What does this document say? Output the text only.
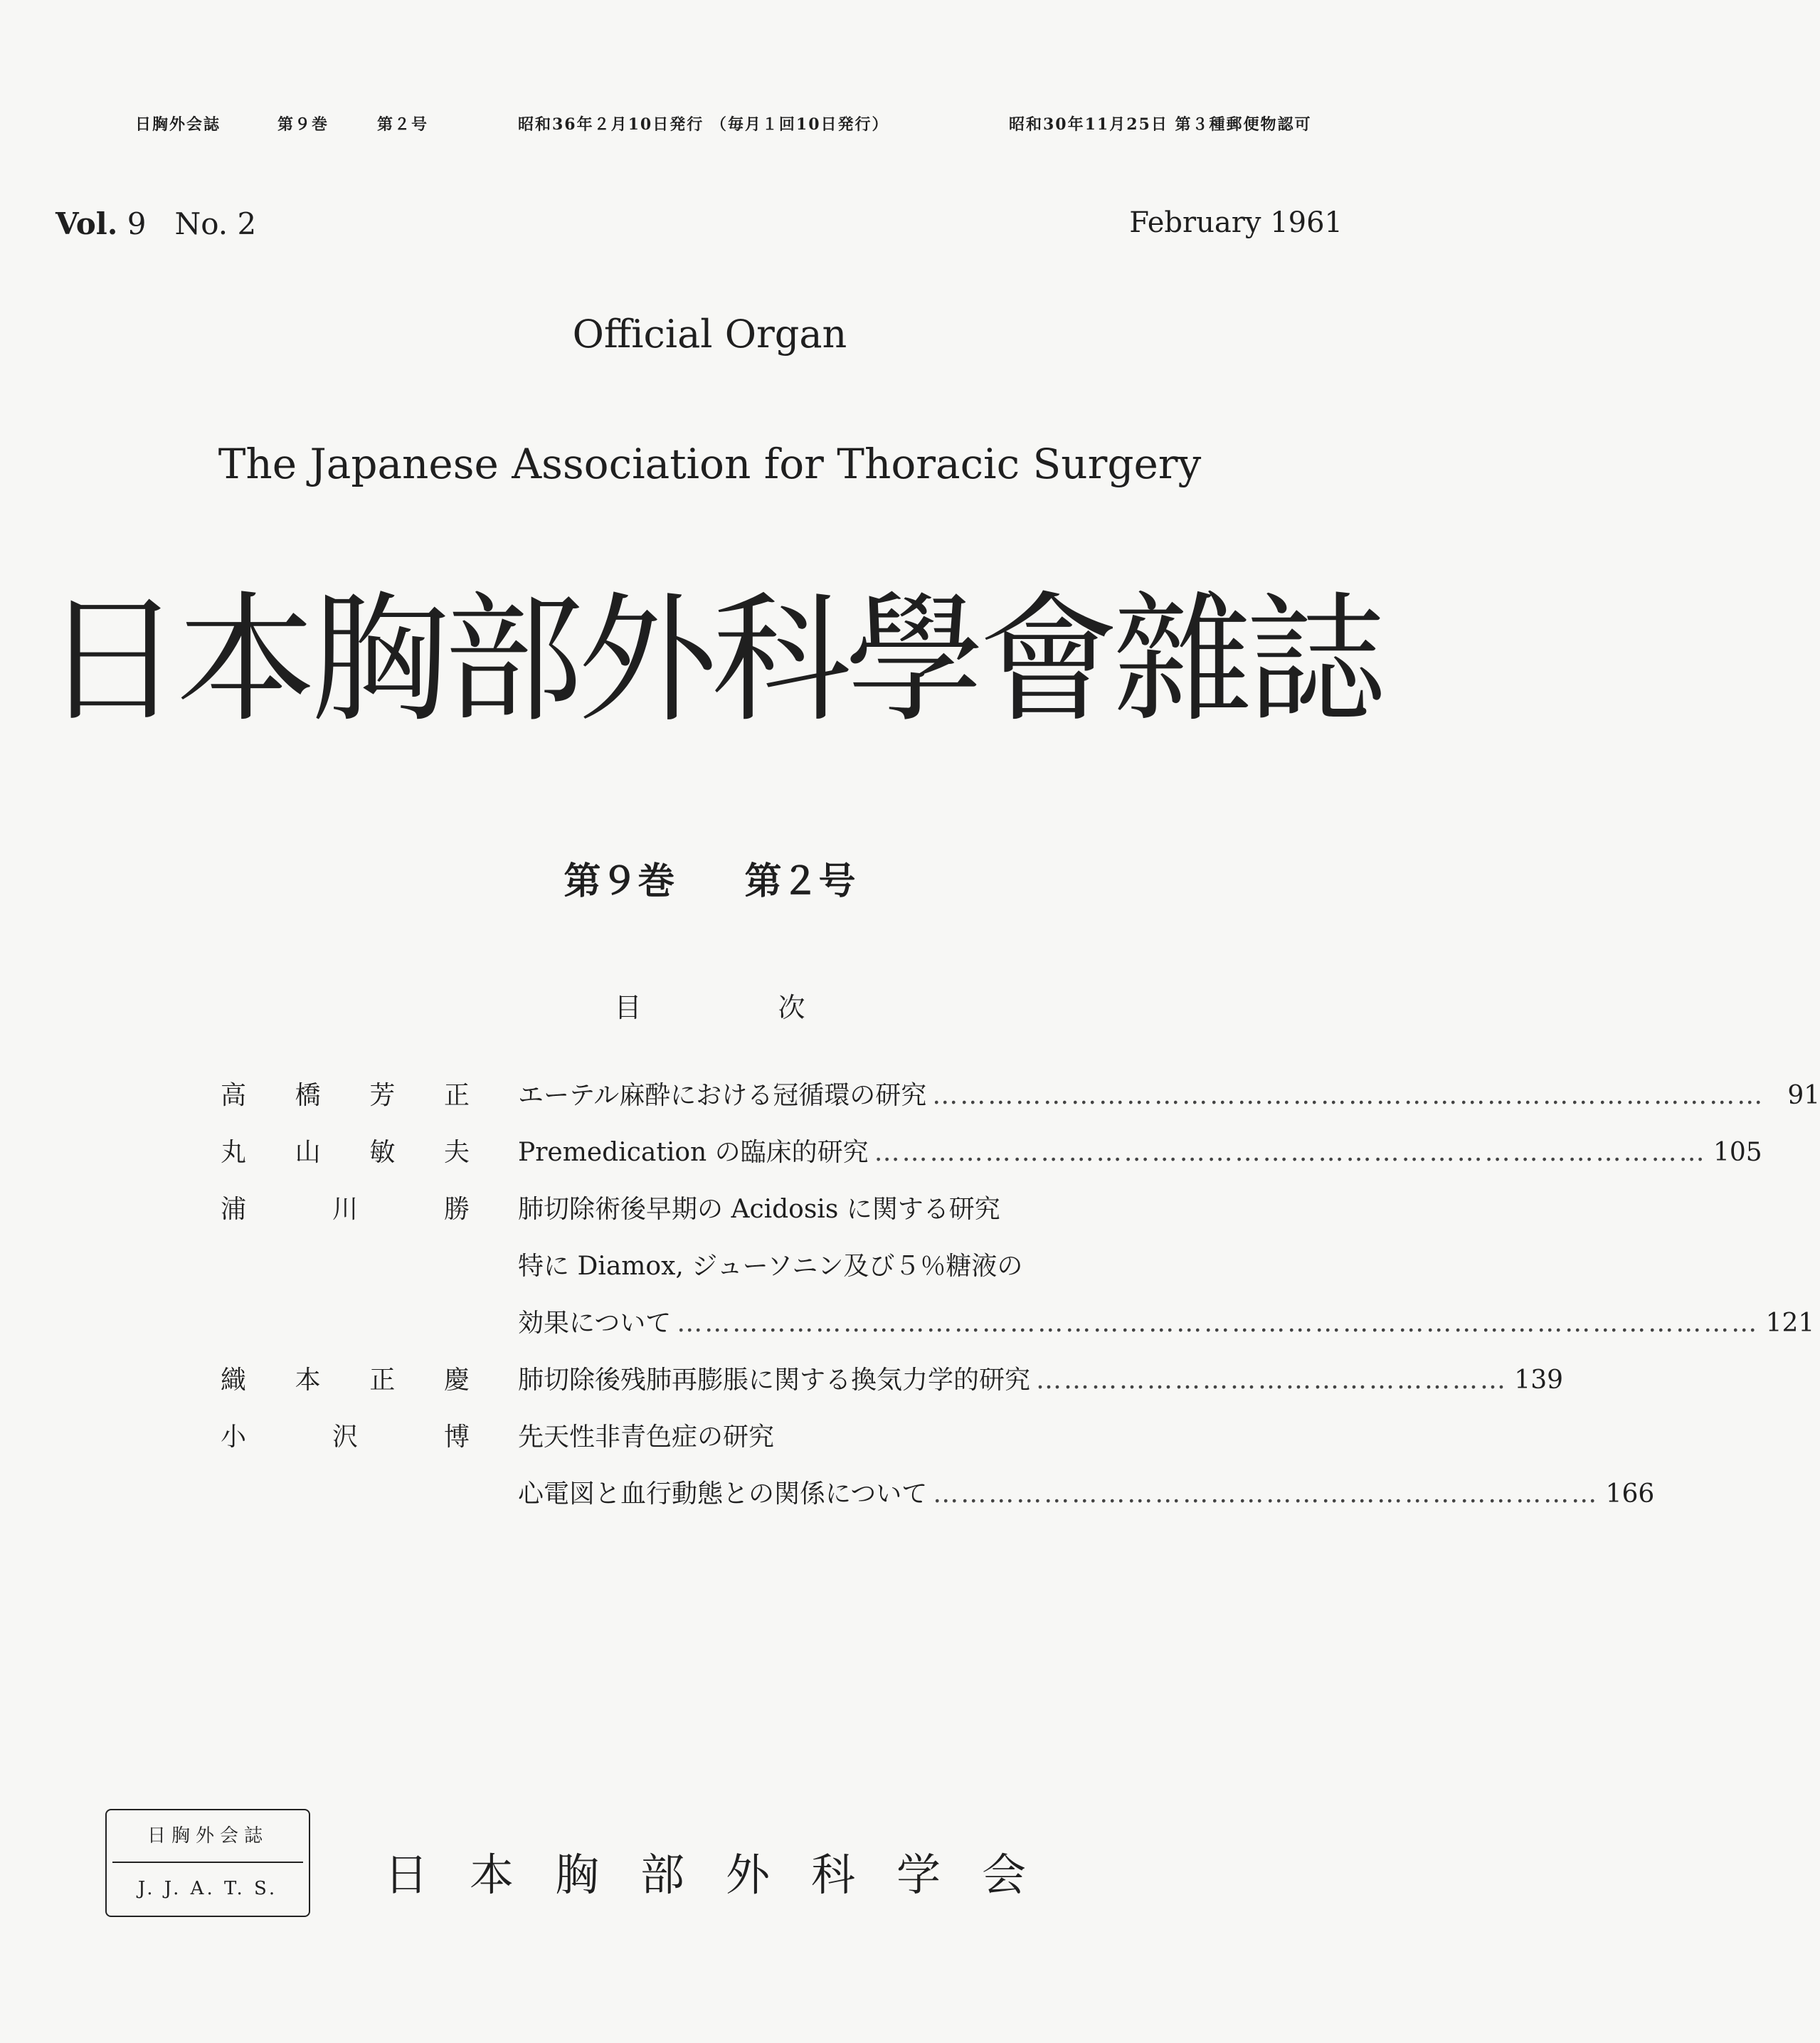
日胸外会誌	第９巻	第２号	昭和36年２月10日発行 （毎月１回10日発行）	昭和30年11月25日 第３種郵便物認可
Vol. 9 No. 2	February 1961
Official Organ
The Japanese Association for Thoracic Surgery
日
本
胸
部
外
科
學
會
雜
誌
第９巻 第２号
目	次
高 橋 芳 正 エーテル麻酔における冠循環の研究 ……………………………………………………………………………… 91
丸 山 敏 夫 Premedication の臨床的研究 ……………………………………………………………………………… 105
浦	川	勝 肺切除術後早期の Acidosis に関する研究
特に Diamox, ジューソニン及び５％糖液の
効果について ……………………………………………………………………………………………………… 121
織 本 正 慶 肺切除後残肺再膨脹に関する換気力学的研究 …………………………………………… 139
小	沢	博 先天性非青色症の研究
心電図と血行動態との関係について ……………………………………………………………… 166
日胸外会誌
J. J. A. T. S.	日本胸部外科学会
